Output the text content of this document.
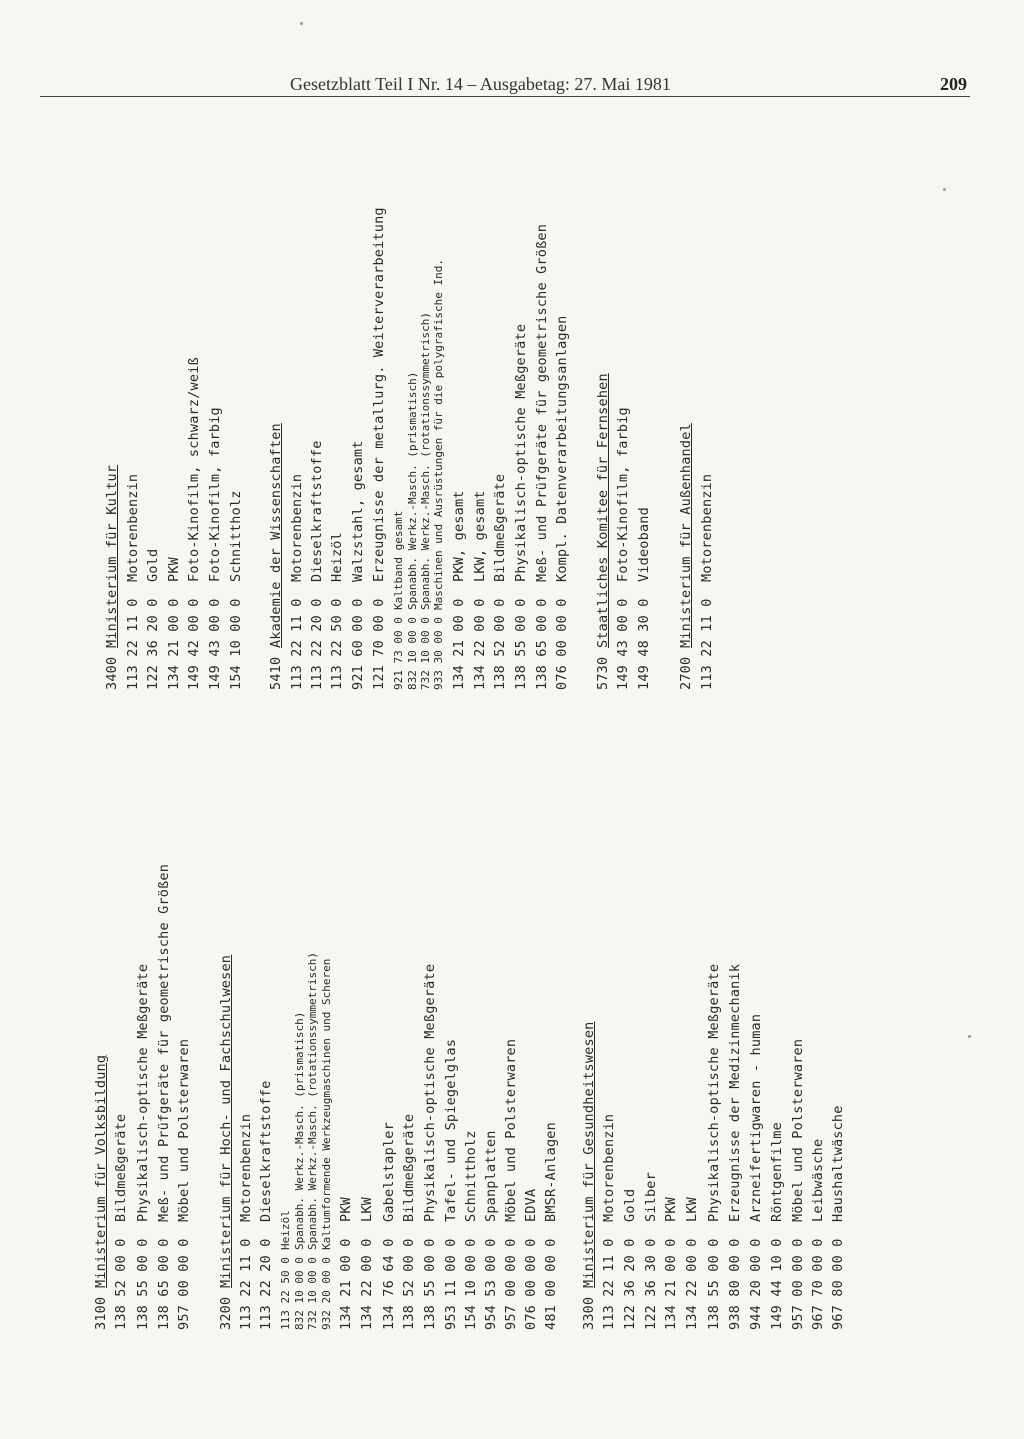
Gesetzblatt Teil I Nr. 14 – Ausgabetag: 27. Mai 1981	209
3100Ministerium für Volksbildung 138 52 00 0Bildmeßgeräte
138 55 00 0Physikalisch-optische Meßgeräte
138 65 00 0Meß- und Prüfgeräte für geometrische Größen
957 00 00 0Möbel und Polsterwaren
3200Ministerium für Hoch- und Fachschulwesen 113 22 11 0Motorenbenzin
113 22 20 0Dieselkraftstoffe
113 22 50 0Heizöl
832 10 00 0Spanabh. Werkz.-Masch. (prismatisch)
732 10 00 0Spanabh. Werkz.-Masch. (rotationssymmetrisch)
932 20 00 0Kaltumformende Werkzeugmaschinen und Scheren
134 21 00 0PKW
134 22 00 0LKW
134 76 64 0Gabelstapler
138 52 00 0Bildmeßgeräte
138 55 00 0Physikalisch-optische Meßgeräte
953 11 00 0Tafel- und Spiegelglas
154 10 00 0Schnittholz
954 53 00 0Spanplatten
957 00 00 0Möbel und Polsterwaren
076 00 00 0EDVA
481 00 00 0BMSR-Anlagen
3300Ministerium für Gesundheitswesen 113 22 11 0Motorenbenzin
122 36 20 0Gold
122 36 30 0Silber
134 21 00 0PKW
134 22 00 0LKW
138 55 00 0Physikalisch-optische Meßgeräte
938 80 00 0Erzeugnisse der Medizinmechanik
944 20 00 0Arzneifertigwaren - human
149 44 10 0Röntgenfilme
957 00 00 0Möbel und Polsterwaren
967 70 00 0Leibwäsche
967 80 00 0Haushaltwäsche
3400Ministerium für Kultur 113 22 11 0Motorenbenzin
122 36 20 0Gold
134 21 00 0PKW
149 42 00 0Foto-Kinofilm, schwarz/weiß
149 43 00 0Foto-Kinofilm, farbig
154 10 00 0Schnittholz
5410Akademie der Wissenschaften 113 22 11 0Motorenbenzin
113 22 20 0Dieselkraftstoffe
113 22 50 0Heizöl
921 60 00 0Walzstahl, gesamt
121 70 00 0Erzeugnisse der metallurg. Weiterverarbeitung
921 73 00 0Kaltband gesamt
832 10 00 0Spanabh. Werkz.-Masch. (prismatisch)
732 10 00 0Spanabh. Werkz.-Masch. (rotationssymmetrisch)
933 30 00 0Maschinen und Ausrüstungen für die polygrafische Ind.
134 21 00 0PKW, gesamt
134 22 00 0LKW, gesamt
138 52 00 0Bildmeßgeräte
138 55 00 0Physikalisch-optische Meßgeräte
138 65 00 0Meß- und Prüfgeräte für geometrische Größen
076 00 00 0Kompl. Datenverarbeitungsanlagen
5730Staatliches Komitee für Fernsehen 149 43 00 0Foto-Kinofilm, farbig
149 48 30 0Videoband
2700Ministerium für Außenhandel 113 22 11 0Motorenbenzin
